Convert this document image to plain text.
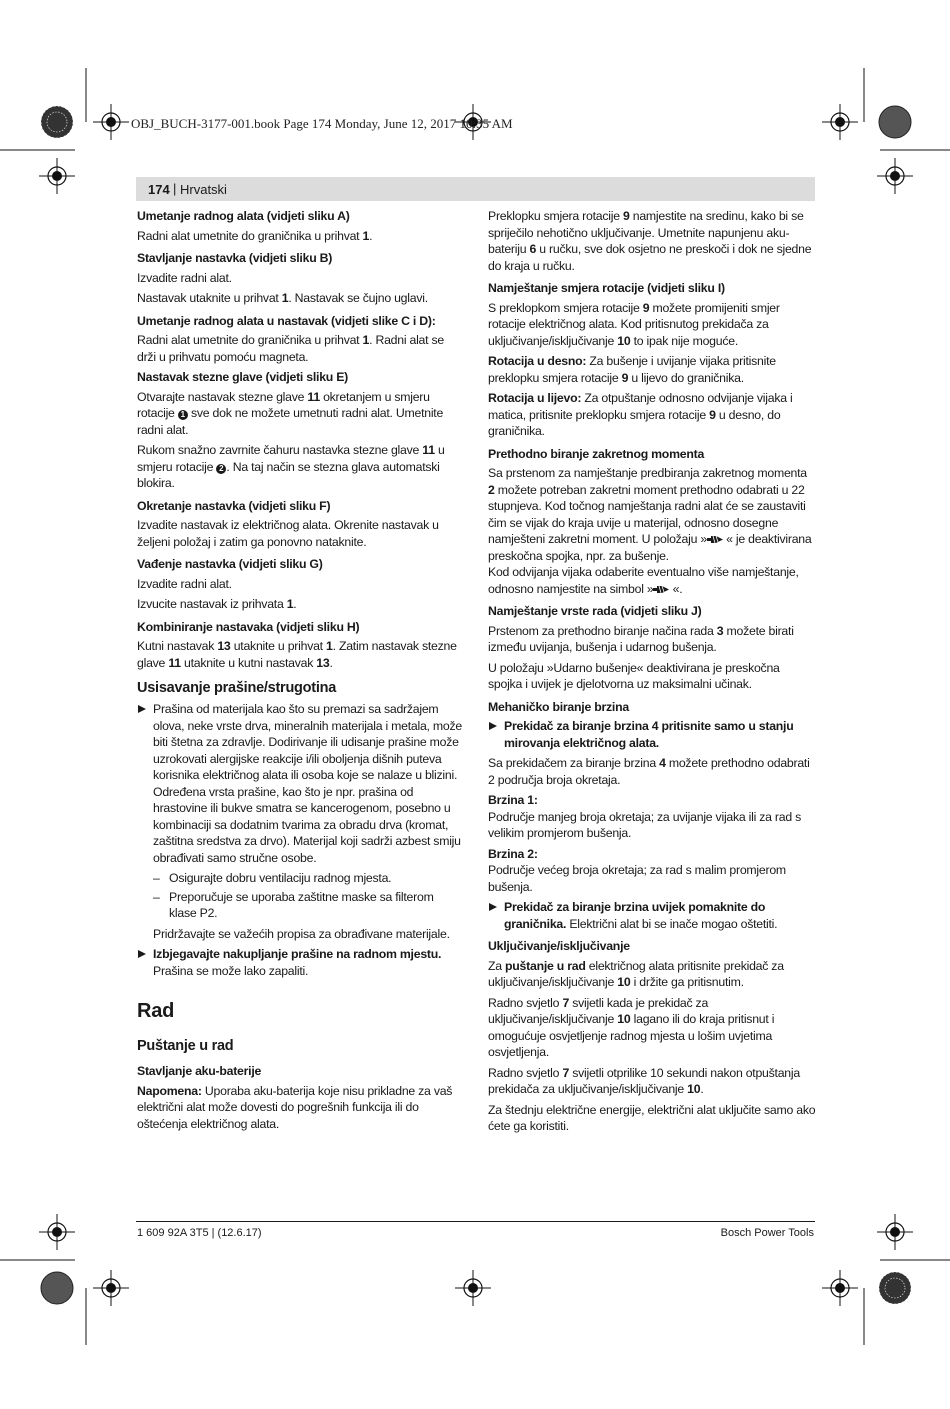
OBJ_BUCH-3177-001.book Page 174 Monday, June 12, 2017 10:35 AM
174 | Hrvatski

Umetanje radnog alata (vidjeti sliku A)

Radni alat umetnite do graničnika u prihvat 1.

Stavljanje nastavka (vidjeti sliku B)

Izvadite radni alat.

Nastavak utaknite u prihvat 1. Nastavak se čujno uglavi.

Umetanje radnog alata u nastavak (vidjeti slike C i D):

Radni alat umetnite do graničnika u prihvat 1. Radni alat se drži u prihvatu pomoću magneta.

Nastavak stezne glave (vidjeti sliku E)

Otvarajte nastavak stezne glave 11 okretanjem u smjeru rotacije 1 sve dok ne možete umetnuti radni alat. Umetnite radni alat.

Rukom snažno zavrnite čahuru nastavka stezne glave 11 u smjeru rotacije 2 . Na taj način se stezna glava automatski blokira.

Okretanje nastavka (vidjeti sliku F)

Izvadite nastavak iz električnog alata. Okrenite nastavak u željeni položaj i zatim ga ponovno nataknite.

Vađenje nastavka (vidjeti sliku G)

Izvadite radni alat.

Izvucite nastavak iz prihvata 1.

Kombiniranje nastavaka (vidjeti sliku H)

Kutni nastavak 13 utaknite u prihvat 1. Zatim nastavak stezne glave 11 utaknite u kutni nastavak 13.

Usisavanje prašine/strugotina
Prašina od materijala kao što su premazi sa sadržajem olova, neke vrste drva, mineralnih materijala i metala, može biti štetna za zdravlje. Dodirivanje ili udisanje prašine može uzrokovati alergijske reakcije i/ili oboljenja dišnih puteva korisnika električnog alata ili osoba koje se nalaze u blizini.
Određena vrsta prašine, kao što je npr. prašina od hrastovine ili bukve smatra se kancerogenom, posebno u kombinaciji sa dodatnim tvarima za obradu drva (kromat, zaštitna sredstva za drvo). Materijal koji sadrži azbest smiju obrađivati samo stručne osobe.
– Osigurajte dobru ventilaciju radnog mjesta.
– Preporučuje se uporaba zaštitne maske sa filterom klase P2.

Pridržavajte se važećih propisa za obrađivane materijale.

Izbjegavajte nakupljanje prašine na radnom mjestu.
Prašina se može lako zapaliti.
Rad
Puštanje u rad

Stavljanje aku-baterije

Napomena: Uporaba aku-baterija koje nisu prikladne za vaš električni alat može dovesti do pogrešnih funkcija ili do oštećenja električnog alata.

Preklopku smjera rotacije 9 namjestite na sredinu, kako bi se spriječilo nehotično uključivanje. Umetnite napunjenu aku-bateriju 6 u ručku, sve dok osjetno ne preskoči i dok ne sjedne do kraja u ručku.

Namještanje smjera rotacije (vidjeti sliku I)

S preklopkom smjera rotacije 9 možete promijeniti smjer rotacije električnog alata. Kod pritisnutog prekidača za uključivanje/isključivanje 10 to ipak nije moguće.

Rotacija u desno: Za bušenje i uvijanje vijaka pritisnite preklopku smjera rotacije 9 u lijevo do graničnika.

Rotacija u lijevo: Za otpuštanje odnosno odvijanje vijaka i matica, pritisnite preklopku smjera rotacije 9 u desno, do graničnika.

Prethodno biranje zakretnog momenta

Sa prstenom za namještanje predbiranja zakretnog momenta 2 možete potreban zakretni moment prethodno odabrati u 22 stupnjeva. Kod točnog namještanja radni alat će se zaustaviti čim se vijak do kraja uvije u materijal, odnosno dosegne namješteni zakretni moment. U položaju » « je deaktivirana preskočna spojka, npr. za bušenje.

Kod odvijanja vijaka odaberite eventualno više namještanje, odnosno namjestite na simbol » «.

Namještanje vrste rada (vidjeti sliku J)

Prstenom za prethodno biranje načina rada 3 možete birati između uvijanja, bušenja i udarnog bušenja.

U položaju »Udarno bušenje« deaktivirana je preskočna spojka i uvijek je djelotvorna uz maksimalni učinak.

Mehaničko biranje brzina

Prekidač za biranje brzina 4 pritisnite samo u stanju mirovanja električnog alata.

Sa prekidačem za biranje brzina 4 možete prethodno odabrati 2 područja broja okretaja.

Brzina 1:

Područje manjeg broja okretaja; za uvijanje vijaka ili za rad s velikim promjerom bušenja.

Brzina 2:

Područje većeg broja okretaja; za rad s malim promjerom bušenja.

Prekidač za biranje brzina uvijek pomaknite do graničnika. Električni alat bi se inače mogao oštetiti.

Uključivanje/isključivanje

Za puštanje u rad električnog alata pritisnite prekidač za uključivanje/isključivanje 10 i držite ga pritisnutim.

Radno svjetlo 7 svijetli kada je prekidač za uključivanje/isključivanje 10 lagano ili do kraja pritisnut i omogućuje osvjetljenje radnog mjesta u lošim uvjetima osvjetljenja.

Radno svjetlo 7 svijetli otprilike 10 sekundi nakon otpuštanja prekidača za uključivanje/isključivanje 10.

Za štednju električne energije, električni alat uključite samo ako ćete ga koristiti.

1 609 92A 3T5 | (12.6.17)	Bosch Power Tools
